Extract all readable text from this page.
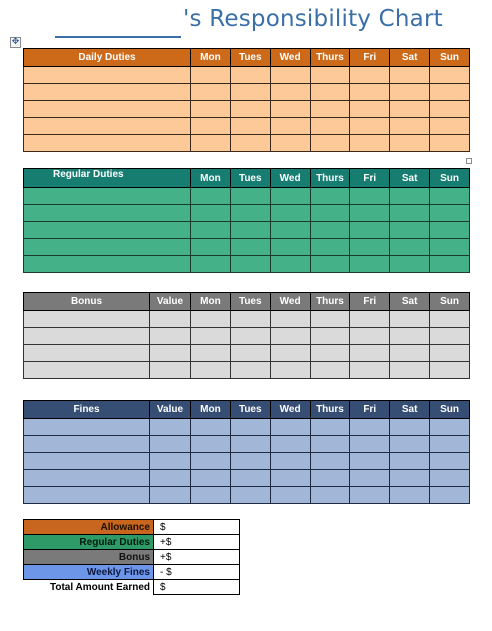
's Responsibility Chart
✥
Daily Duties	Mon	Tues	Wed	Thurs	Fri	Sat	Sun

Regular Duties	Mon	Tues	Wed	Thurs	Fri	Sat	Sun

Bonus	Value	Mon	Tues	Wed	Thurs	Fri	Sat	Sun

Fines	Value	Mon	Tues	Wed	Thurs	Fri	Sat	Sun

Allowance	$
Regular Duties	+$
Bonus	+$
Weekly Fines	- $
Total Amount Earned	$
